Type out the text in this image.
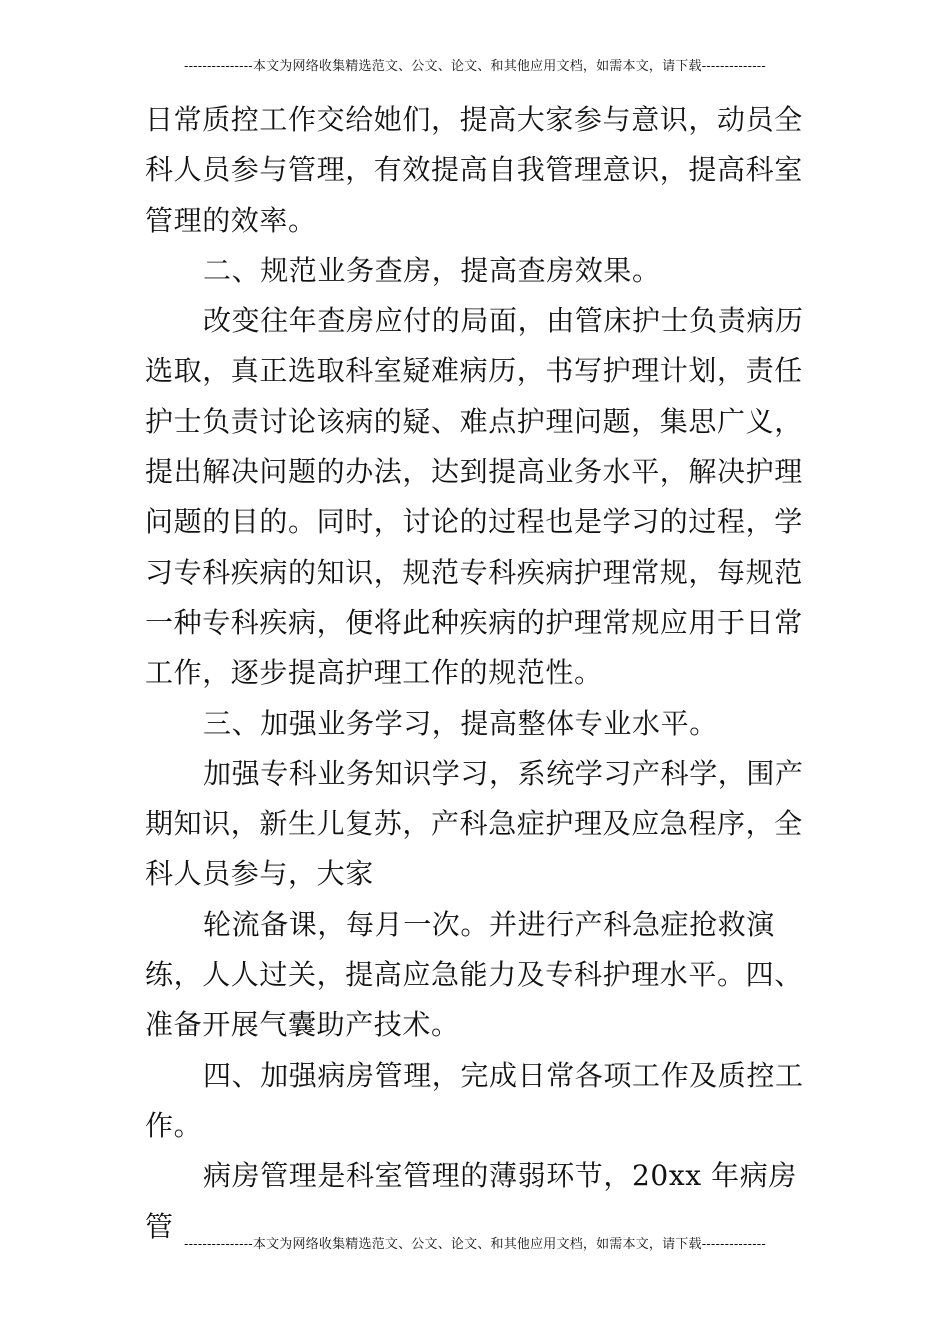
---------------本文为网络收集精选范文、公文、论文、和其他应用文档，如需本文，请下载--------------

日常质控工作交给她们，提高大家参与意识，动员全科人员参与管理，有效提高自我管理意识，提高科室管理的效率。

二、规范业务查房，提高查房效果。

改变往年查房应付的局面，由管床护士负责病历选取，真正选取科室疑难病历，书写护理计划，责任护士负责讨论该病的疑、难点护理问题，集思广义，提出解决问题的办法，达到提高业务水平，解决护理问题的目的。同时，讨论的过程也是学习的过程，学习专科疾病的知识，规范专科疾病护理常规，每规范一种专科疾病，便将此种疾病的护理常规应用于日常工作，逐步提高护理工作的规范性。

三、加强业务学习，提高整体专业水平。

加强专科业务知识学习，系统学习产科学，围产期知识，新生儿复苏，产科急症护理及应急程序，全科人员参与，大家

轮流备课，每月一次。并进行产科急症抢救演练，人人过关，提高应急能力及专科护理水平。四、准备开展气囊助产技术。

四、加强病房管理，完成日常各项工作及质控工作。

病房管理是科室管理的薄弱环节，20xx 年病房管

---------------本文为网络收集精选范文、公文、论文、和其他应用文档，如需本文，请下载--------------
